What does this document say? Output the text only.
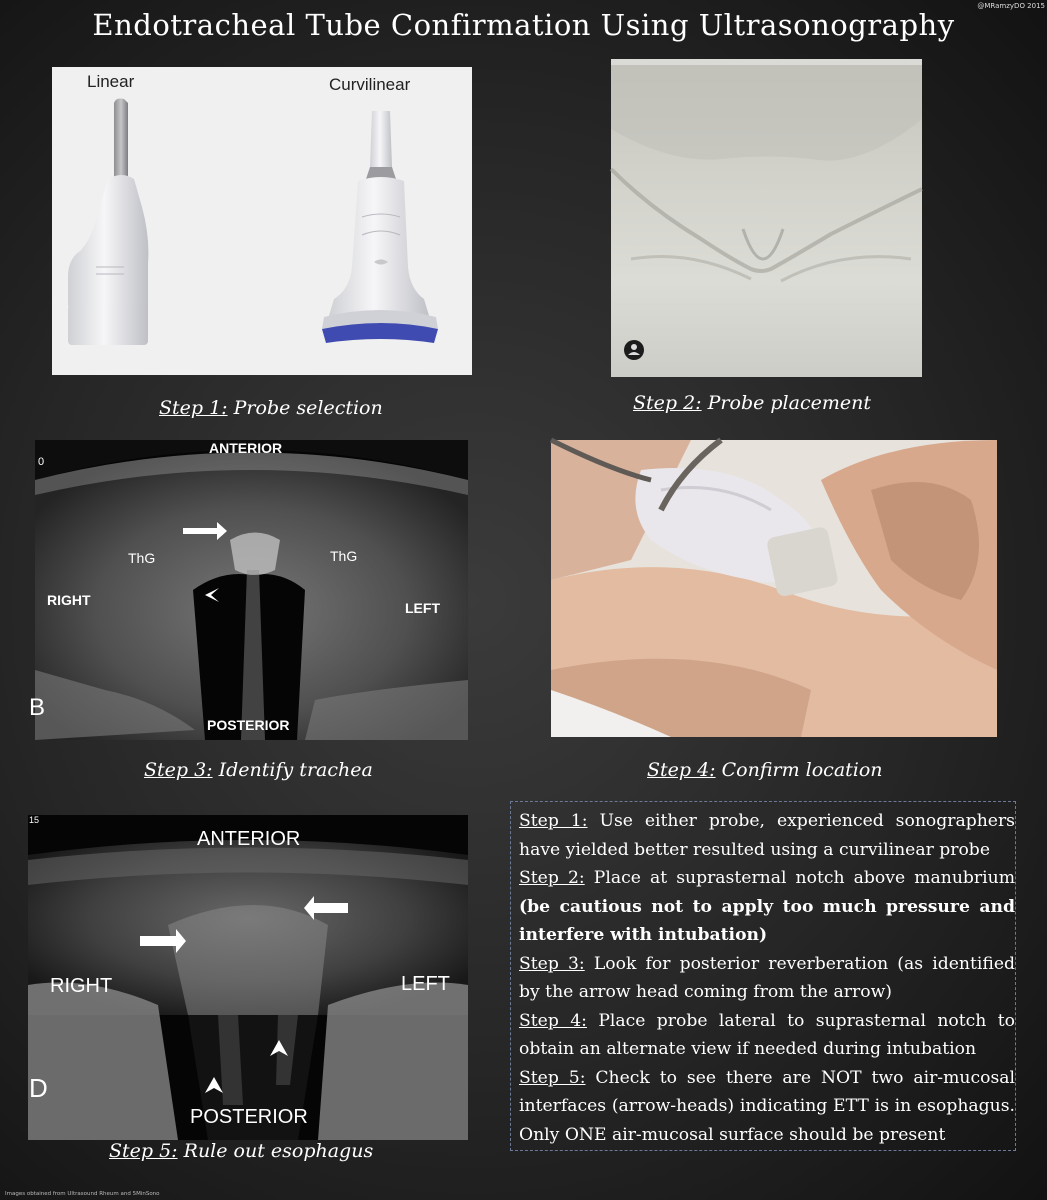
Endotracheal Tube Confirmation Using Ultrasonography
@MRamzyDO 2015
Linear	Curvilinear
Step 1: Probe selection	Step 2: Probe placement
ANTERIOR
POSTERIOR
RIGHT	LEFT
ThG	ThG
0
B
Step 3: Identify trachea	Step 4: Confirm location
ANTERIOR
POSTERIOR
RIGHT	LEFT
15
D
Step 5: Rule out esophagus

Step 1: Use either probe, experienced sonographers have yielded better resulted using a curvilinear probe

Step 2: Place at suprasternal notch above manubrium (be cautious not to apply too much pressure and interfere with intubation)

Step 3: Look for posterior reverberation (as identified by the arrow head coming from the arrow)

Step 4: Place probe lateral to suprasternal notch to obtain an alternate view if needed during intubation

Step 5: Check to see there are NOT two air-mucosal interfaces (arrow-heads) indicating ETT is in esophagus. Only ONE air-mucosal surface should be present

Images obtained from Ultrasound Rheum and 5MinSono
